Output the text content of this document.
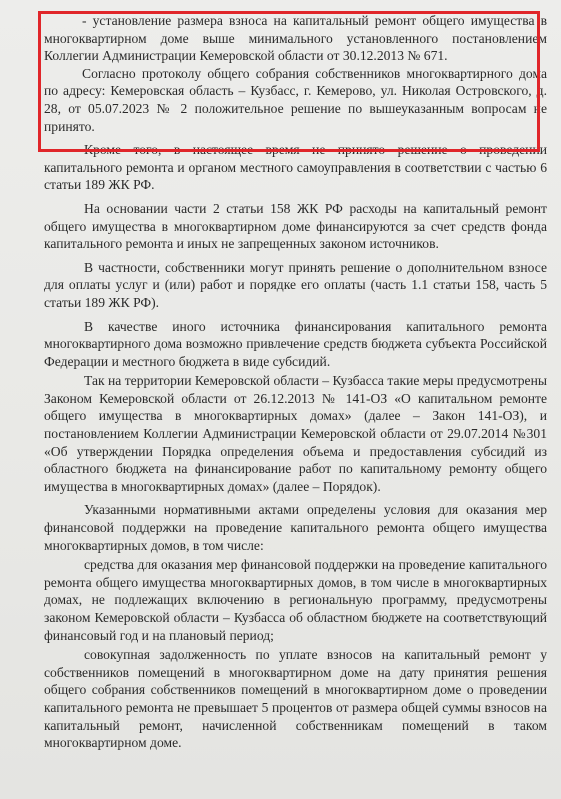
- установление размера взноса на капитальный ремонт общего имущества в многоквартирном доме выше минимального установленного постановлением Коллегии Администрации Кемеровской области от 30.12.2013 № 671.

Согласно протоколу общего собрания собственников многоквартирного дома по адресу: Кемеровская область – Кузбасс, г. Кемерово, ул. Николая Островского, д. 28, от 05.07.2023 № 2 положительное решение по вышеуказанным вопросам не принято.

Кроме того, в настоящее время не принято решение о проведении капитального ремонта и органом местного самоуправления в соответствии с частью 6 статьи 189 ЖК РФ.

На основании части 2 статьи 158 ЖК РФ расходы на капитальный ремонт общего имущества в многоквартирном доме финансируются за счет средств фонда капитального ремонта и иных не запрещенных законом источников.

В частности, собственники могут принять решение о дополнительном взносе для оплаты услуг и (или) работ и порядке его оплаты (часть 1.1 статьи 158, часть 5 статьи 189 ЖК РФ).

В качестве иного источника финансирования капитального ремонта многоквартирного дома возможно привлечение средств бюджета субъекта Российской Федерации и местного бюджета в виде субсидий.

Так на территории Кемеровской области – Кузбасса такие меры предусмотрены Законом Кемеровской области от 26.12.2013 № 141-ОЗ «О капитальном ремонте общего имущества в многоквартирных домах» (далее – Закон 141-ОЗ), и постановлением Коллегии Администрации Кемеровской области от 29.07.2014 №301 «Об утверждении Порядка определения объема и предоставления субсидий из областного бюджета на финансирование работ по капитальному ремонту общего имущества в многоквартирных домах» (далее – Порядок).

Указанными нормативными актами определены условия для оказания мер финансовой поддержки на проведение капитального ремонта общего имущества многоквартирных домов, в том числе:

средства для оказания мер финансовой поддержки на проведение капитального ремонта общего имущества многоквартирных домов, в том числе в многоквартирных домах, не подлежащих включению в региональную программу, предусмотрены законом Кемеровской области – Кузбасса об областном бюджете на соответствующий финансовый год и на плановый период;

совокупная задолженность по уплате взносов на капитальный ремонт у собственников помещений в многоквартирном доме на дату принятия решения общего собрания собственников помещений в многоквартирном доме о проведении капитального ремонта не превышает 5 процентов от размера общей суммы взносов на капитальный ремонт, начисленной собственникам помещений в таком многоквартирном доме.
